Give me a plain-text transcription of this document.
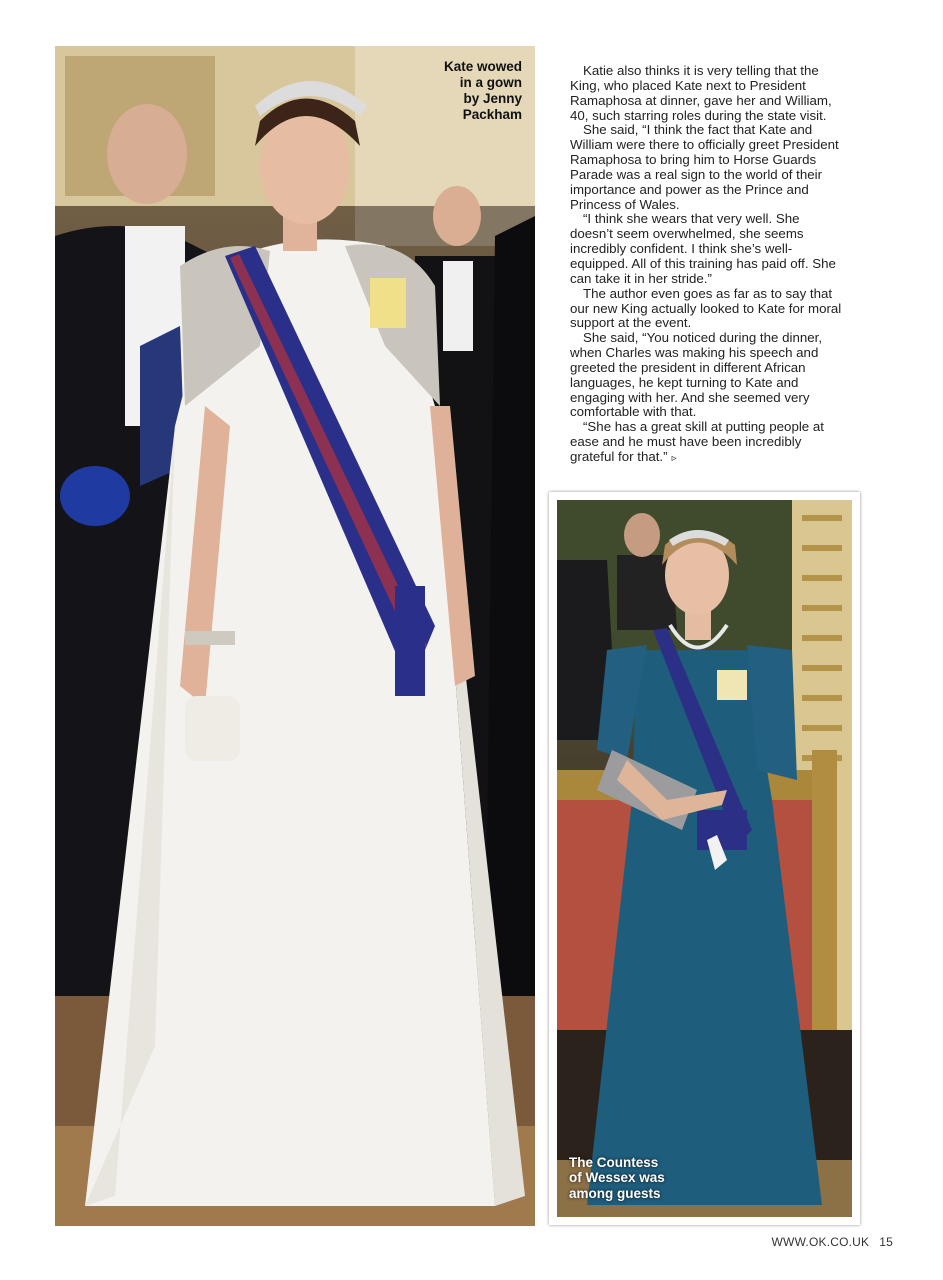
Kate wowed
in a gown
by Jenny
Packham

Katie also thinks it is very telling that the King, who placed Kate next to President Ramaphosa at dinner, gave her and William, 40, such starring roles during the state visit.

She said, “I think the fact that Kate and William were there to officially greet President Ramaphosa to bring him to Horse Guards Parade was a real sign to the world of their importance and power as the Prince and Princess of Wales.

“I think she wears that very well. She doesn’t seem overwhelmed, she seems incredibly confident. I think she’s well-equipped. All of this training has paid off. She can take it in her stride.”

The author even goes as far as to say that our new King actually looked to Kate for moral support at the event.

She said, “You noticed during the dinner, when Charles was making his speech and greeted the president in different African languages, he kept turning to Kate and engaging with her. And she seemed very comfortable with that.

“She has a great skill at putting people at ease and he must have been incredibly grateful for that.” ▹

The Countess
of Wessex was
among guests
WWW.OK.CO.UK 15
